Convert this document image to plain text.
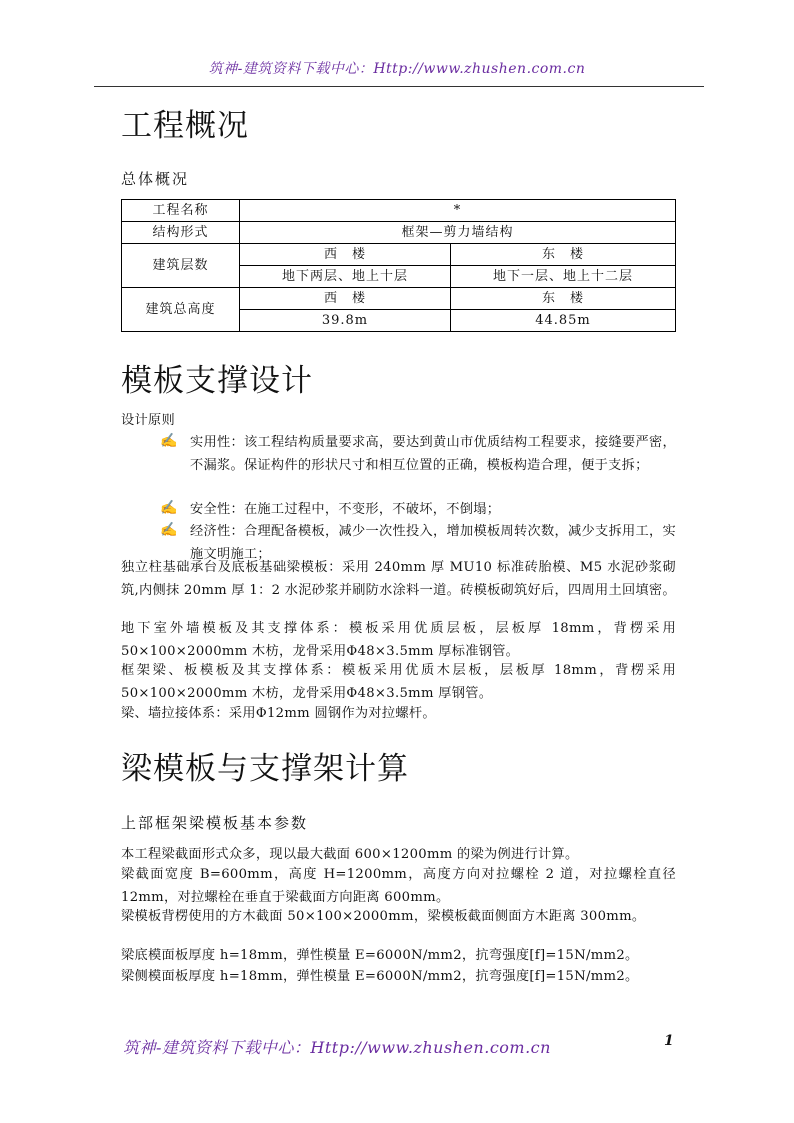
筑神-建筑资料下载中心：Http://www.zhushen.com.cn
工程概况
总体概况
工程名称	*	
结构形式	框架—剪力墙结构	
建筑层数	西　楼	东　楼
	地下两层、地上十层	地下一层、地上十二层
建筑总高度	西　楼	东　楼
	39.8m	44.85m
模板支撑设计
设计原则
✍ 实用性：该工程结构质量要求高，要达到黄山市优质结构工程要求，接缝要严密，不漏浆。保证构件的形状尺寸和相互位置的正确，模板构造合理，便于支拆；
✍ 安全性：在施工过程中，不变形，不破坏，不倒塌；
✍ 经济性：合理配备模板，减少一次性投入，增加模板周转次数，减少支拆用工，实施文明施工；
独立柱基础承台及底板基础梁模板：采用 240mm 厚 MU10 标准砖胎模、M5 水泥砂浆砌筑,内侧抹 20mm 厚 1：2 水泥砂浆并刷防水涂料一道。砖模板砌筑好后，四周用土回填密。
地下室外墙模板及其支撑体系：模板采用优质层板，层板厚 18mm，背楞采用 50×100×2000mm 木枋，龙骨采用Φ48×3.5mm 厚标准钢管。
框架梁、板模板及其支撑体系：模板采用优质木层板，层板厚 18mm，背楞采用 50×100×2000mm 木枋，龙骨采用Φ48×3.5mm 厚钢管。
梁、墙拉接体系：采用Φ12mm 圆钢作为对拉螺杆。
梁模板与支撑架计算
上部框架梁模板基本参数
本工程梁截面形式众多，现以最大截面 600×1200mm 的梁为例进行计算。
梁截面宽度 B=600mm，高度 H=1200mm，高度方向对拉螺栓 2 道，对拉螺栓直径 12mm，对拉螺栓在垂直于梁截面方向距离 600mm。
梁模板背楞使用的方木截面 50×100×2000mm，梁模板截面侧面方木距离 300mm。
梁底模面板厚度 h=18mm，弹性模量 E=6000N/mm2，抗弯强度[f]=15N/mm2。
梁侧模面板厚度 h=18mm，弹性模量 E=6000N/mm2，抗弯强度[f]=15N/mm2。
筑神-建筑资料下载中心：Http://www.zhushen.com.cn	1
